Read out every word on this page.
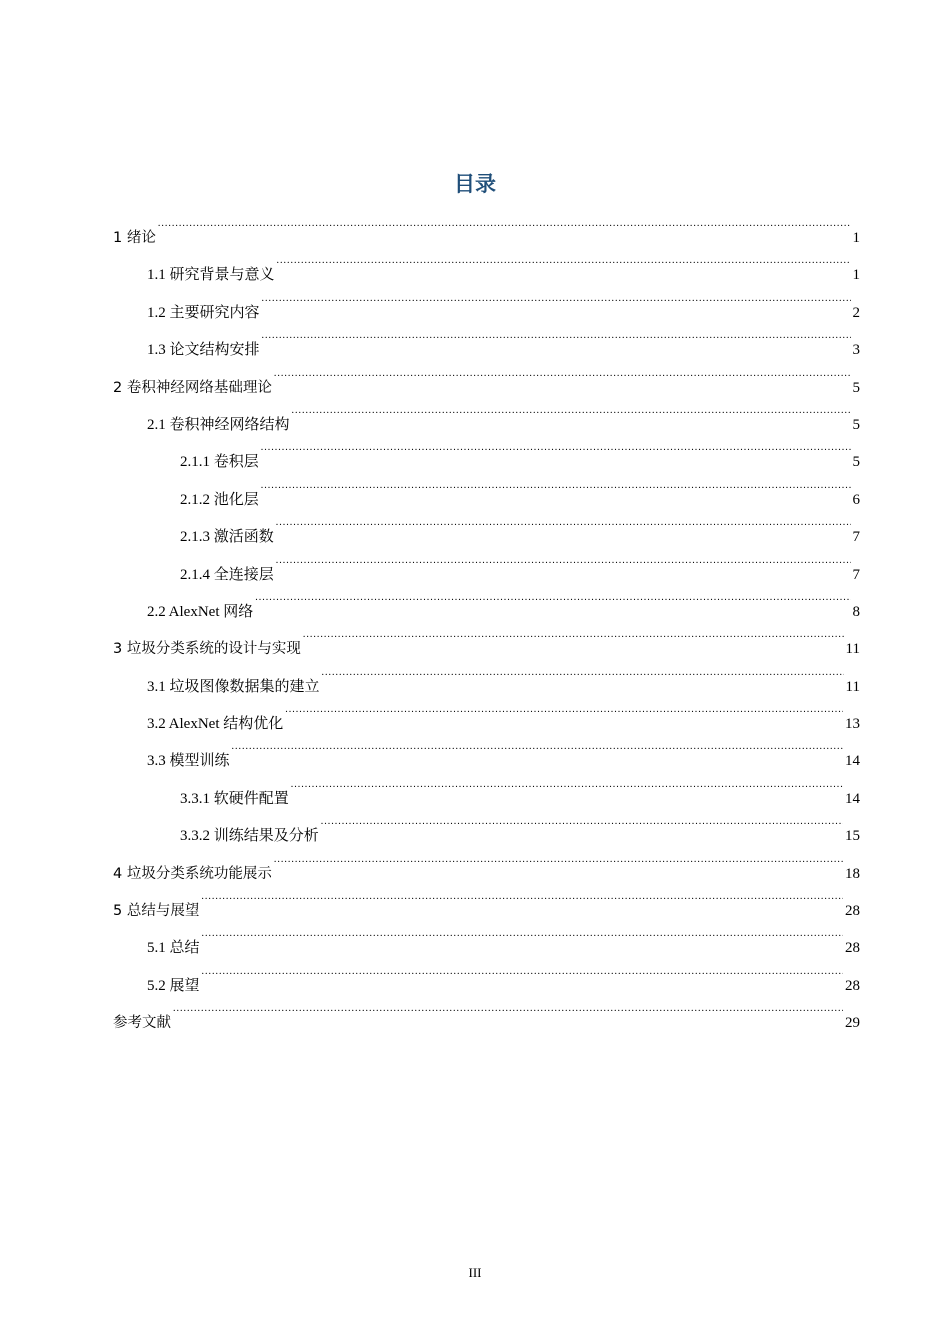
目录
1 绪论 .....	1
1.1 研究背景与意义 .....	1
1.2 主要研究内容 .....	2
1.3 论文结构安排 .....	3
2 卷积神经网络基础理论 .....	5
2.1 卷积神经网络结构 .....	5
2.1.1 卷积层 .....	5
2.1.2 池化层 .....	6
2.1.3 激活函数 .....	7
2.1.4 全连接层 .....	7
2.2 AlexNet 网络 .....	8
3 垃圾分类系统的设计与实现 .....	11
3.1 垃圾图像数据集的建立 .....	11
3.2 AlexNet 结构优化 .....	13
3.3 模型训练 .....	14
3.3.1 软硬件配置 .....	14
3.3.2 训练结果及分析 .....	15
4 垃圾分类系统功能展示 .....	18
5 总结与展望 .....	28
5.1 总结 .....	28
5.2 展望 .....	28
参考文献 .....	29
III
